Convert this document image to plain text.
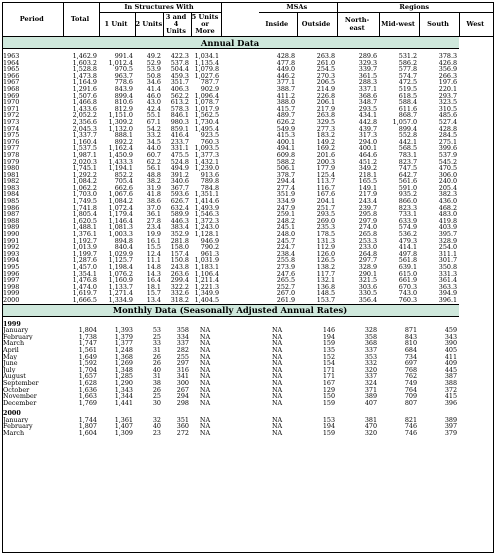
Period	Total	In Structures With					MSAs		Regions			
		1 Unit	2 Units	3 and 4 Units	5 Units or More		Inside	Outside	North-east	Mid-west	South	West
Annual Data												

1963	1,462.9	991.4	49.2	422.3	1,034.1		428.8	263.8	289.6	531.2	378.3	
1964	1,603.2	1,012.4	52.9	537.8	1,135.4		477.8	261.0	329.3	586.2	426.8	
1965	1,528.8	970.5	53.9	504.4	1,079.8		449.0	254.5	339.7	577.8	356.9	
1966	1,473.8	963.7	50.8	459.3	1,027.6		446.2	270.3	361.5	574.7	266.3	
1967	1,164.9	778.6	34.6	351.7	787.7		377.1	206.5	288.3	472.5	197.6	
1968	1,291.6	843.9	41.4	406.3	902.9		388.7	214.9	337.1	519.5	220.1	
1969	1,507.6	899.4	46.0	562.2	1,096.4		411.2	226.8	368.6	618.5	293.7	
1970	1,466.8	810.6	43.0	613.2	1,078.7		388.0	206.1	348.7	588.4	323.5	
1971	1,433.6	812.9	42.4	578.3	1,017.9		415.7	217.9	293.5	611.6	310.5	
1972	2,052.2	1,151.0	55.1	846.1	1,562.5		489.7	263.8	434.1	868.7	485.6	
1973	2,356.6	1,309.2	67.1	980.3	1,730.4		626.2	329.5	442.8	1,057.0	527.4	
1974	2,045.3	1,132.0	54.2	859.1	1,495.4		549.9	277.3	439.7	899.4	428.8	
1975	1,337.7	888.1	33.2	416.4	923.5		415.3	183.2	317.3	552.8	284.5	
1976	1,160.4	892.2	34.5	233.7	760.3		400.1	149.2	294.0	442.1	275.1	
1977	1,537.5	1,162.4	44.0	331.1	1,093.5		494.1	169.2	400.1	568.5	399.6	
1978	1,987.1	1,450.9	60.7	475.5	1,377.3		609.8	201.6	464.6	783.1	537.9	
1979	2,020.3	1,433.3	62.2	524.8	1,432.1		588.2	200.3	451.2	823.7	545.2	
1980	1,745.1	1,194.1	56.1	494.9	1,239.0		506.1	177.9	349.2	747.5	470.5	
1981	1,292.2	852.2	48.8	391.2	913.6		378.7	125.4	218.1	642.7	306.0	
1982	1,084.2	705.4	38.2	340.6	789.8		294.4	113.7	165.5	561.6	240.0	
1983	1,062.2	662.6	31.9	367.7	784.8		277.4	116.7	149.1	591.0	205.4	
1984	1,703.0	1,067.6	41.8	593.6	1,351.1		351.9	167.6	217.9	935.2	382.3	
1985	1,749.5	1,084.2	38.6	626.7	1,414.6		334.9	204.1	243.4	866.0	436.0	
1986	1,741.8	1,072.4	37.0	632.4	1,493.9		247.9	251.7	239.7	823.3	468.2	
1987	1,805.4	1,179.4	36.1	589.9	1,546.3		259.1	293.5	295.8	733.1	483.0	
1988	1,620.5	1,146.4	27.8	446.3	1,372.3		248.2	269.0	297.9	633.9	419.8	
1989	1,488.1	1,081.3	23.4	383.4	1,243.0		245.1	235.3	274.0	574.9	403.9	
1990	1,376.1	1,003.3	19.9	352.9	1,128.1		248.0	178.5	265.8	536.2	395.7	
1991	1,192.7	894.8	16.1	281.8	946.9		245.7	131.3	253.3	479.3	328.9	
1992	1,013.9	840.4	15.5	158.0	790.2		224.7	112.9	233.0	414.1	254.0	
1993	1,199.7	1,029.9	12.4	157.4	961.3		238.4	126.0	264.8	497.8	311.1	
1994	1,287.6	1,125.7	11.1	150.8	1,031.9		255.8	126.5	297.7	561.8	301.7	
1995	1,457.0	1,198.4	14.8	243.8	1,183.1		273.9	138.2	328.9	639.1	350.8	
1996	1,354.1	1,076.2	14.3	263.6	1,106.4		247.6	117.7	290.1	615.0	331.3	
1997	1,476.8	1,160.9	16.4	299.4	1,211.4		265.5	132.1	321.5	661.9	361.4	
1998	1,474.0	1,133.7	18.1	322.2	1,221.3		252.7	136.8	303.6	670.3	363.3	
1999	1,619.7	1,271.4	15.7	332.6	1,349.9		267.0	148.5	330.5	743.0	394.9	
2000	1,666.5	1,334.9	13.4	318.2	1,404.5		261.9	153.7	356.4	760.3	396.1	
Monthly Data (Seasonally Adjusted Annual Rates)												

1999												
January	1,804	1,393	53	358	NA		NA	146	328	871	459	
February	1,738	1,379	25	334	NA		NA	194	358	843	343	
March	1,747	1,377	33	337	NA		NA	159	368	810	390	
April	1,561	1,248	31	282	NA		NA	135	337	684	405	
May	1,649	1,368	26	255	NA		NA	152	353	734	411	
June	1,592	1,269	26	297	NA		NA	154	332	697	409	
July	1,704	1,348	40	316	NA		NA	171	320	768	445	
August	1,657	1,285	31	341	NA		NA	171	337	762	387	
September	1,628	1,290	38	300	NA		NA	167	324	749	388	
October	1,636	1,343	26	267	NA		NA	129	371	764	372	
November	1,663	1,344	25	294	NA		NA	150	389	709	415	
December	1,769	1,441	30	298	NA		NA	159	407	807	396	

2000												
January	1,744	1,361	32	351	NA		NA	153	381	821	389	
February	1,807	1,407	40	360	NA		NA	194	470	746	397	
March	1,604	1,309	23	272	NA		NA	159	320	746	379	
